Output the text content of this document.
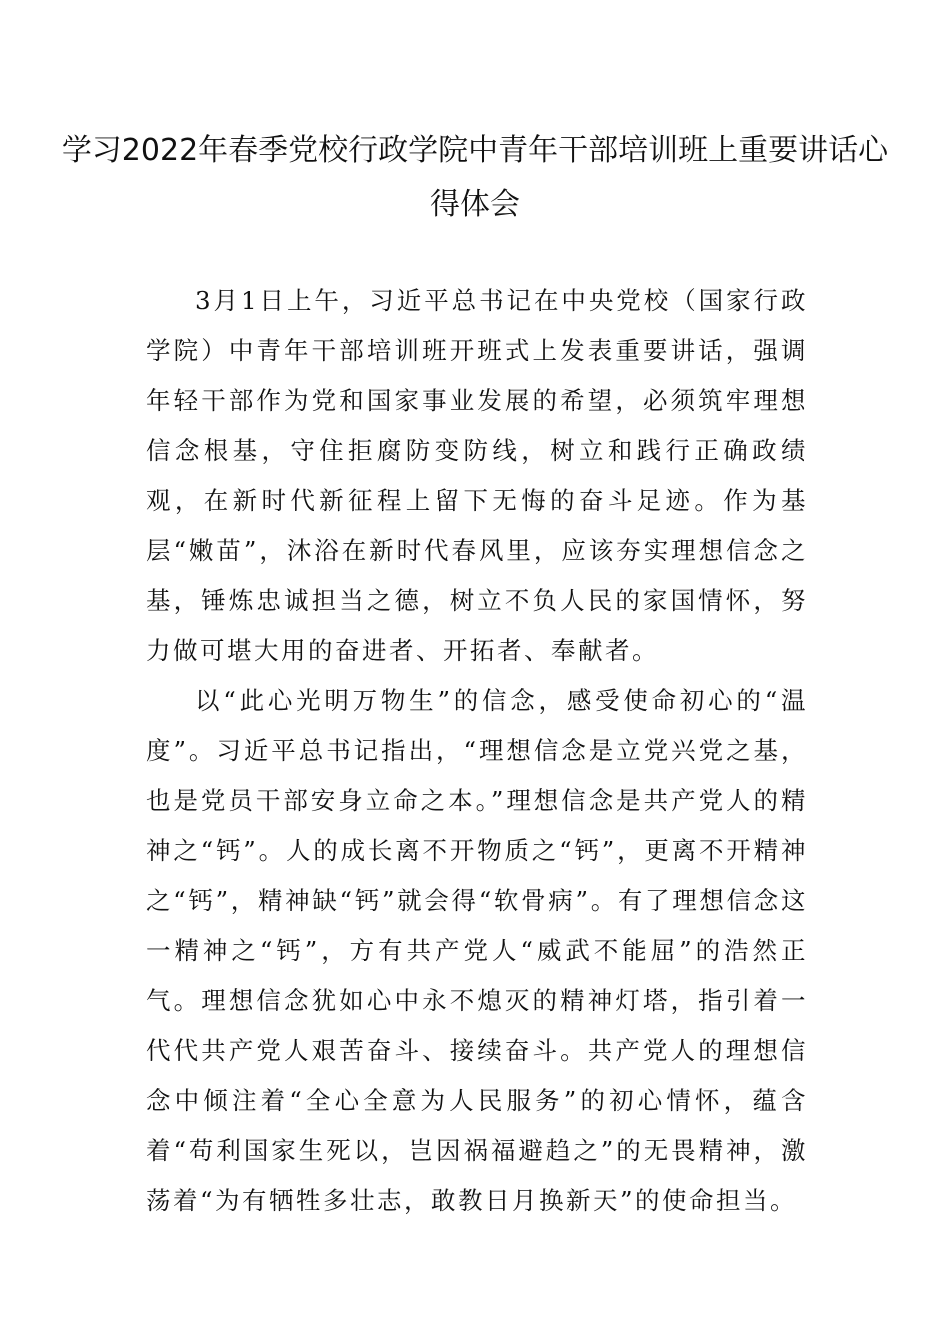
学习2022年春季党校行政学院中青年干部培训班上重要讲话心得体会

3月1日上午，习近平总书记在中央党校（国家行政学院）中青年干部培训班开班式上发表重要讲话，强调年轻干部作为党和国家事业发展的希望，必须筑牢理想信念根基，守住拒腐防变防线，树立和践行正确政绩观，在新时代新征程上留下无悔的奋斗足迹。作为基层“嫩苗”，沐浴在新时代春风里，应该夯实理想信念之基，锤炼忠诚担当之德，树立不负人民的家国情怀，努力做可堪大用的奋进者、开拓者、奉献者。

以“此心光明万物生”的信念，感受使命初心的“温度”。习近平总书记指出，“理想信念是立党兴党之基，也是党员干部安身立命之本。”理想信念是共产党人的精神之“钙”。人的成长离不开物质之“钙”，更离不开精神之“钙”，精神缺“钙”就会得“软骨病”。有了理想信念这一精神之“钙”，方有共产党人“威武不能屈”的浩然正气。理想信念犹如心中永不熄灭的精神灯塔，指引着一代代共产党人艰苦奋斗、接续奋斗。共产党人的理想信念中倾注着“全心全意为人民服务”的初心情怀，蕴含着“苟利国家生死以，岂因祸福避趋之”的无畏精神，激荡着“为有牺牲多壮志，敢教日月换新天”的使命担当。
